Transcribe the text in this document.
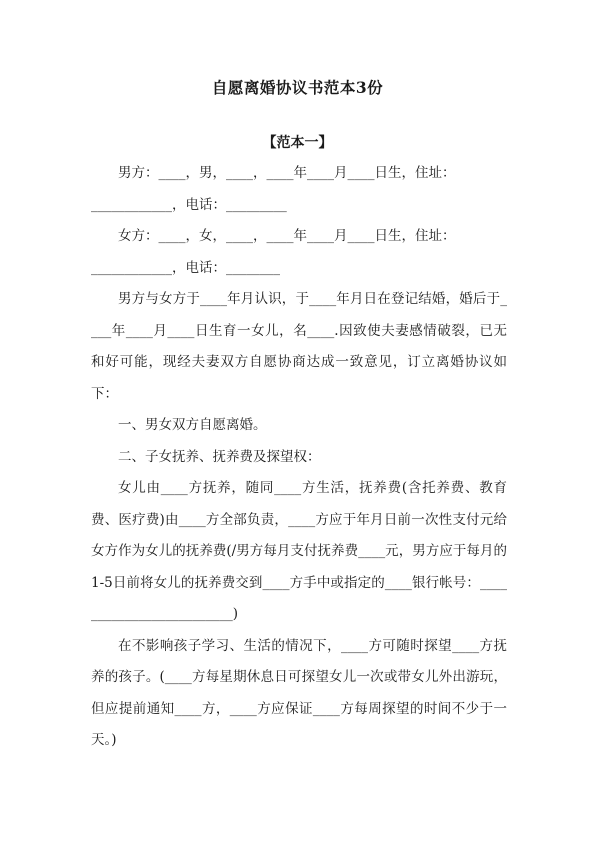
自愿离婚协议书范本3份
【范本一】

男方：____，男，____，____年____月____日生，住址：

____________，电话：_________

女方：____，女，____，____年____月____日生，住址：

____________，电话：________

男方与女方于____年月认识，于____年月日在登记结婚，婚后于____年____月____日生育一女儿，名____.因致使夫妻感情破裂，已无和好可能，现经夫妻双方自愿协商达成一致意见，订立离婚协议如下：

一、男女双方自愿离婚。

二、子女抚养、抚养费及探望权：

女儿由____方抚养，随同____方生活，抚养费(含托养费、教育费、医疗费)由____方全部负责，____方应于年月日前一次性支付元给女方作为女儿的抚养费(/男方每月支付抚养费____元，男方应于每月的1-5日前将女儿的抚养费交到____方手中或指定的____银行帐号：_________________________)

在不影响孩子学习、生活的情况下，____方可随时探望____方抚养的孩子。(____方每星期休息日可探望女儿一次或带女儿外出游玩，但应提前通知____方，____方应保证____方每周探望的时间不少于一天。)
